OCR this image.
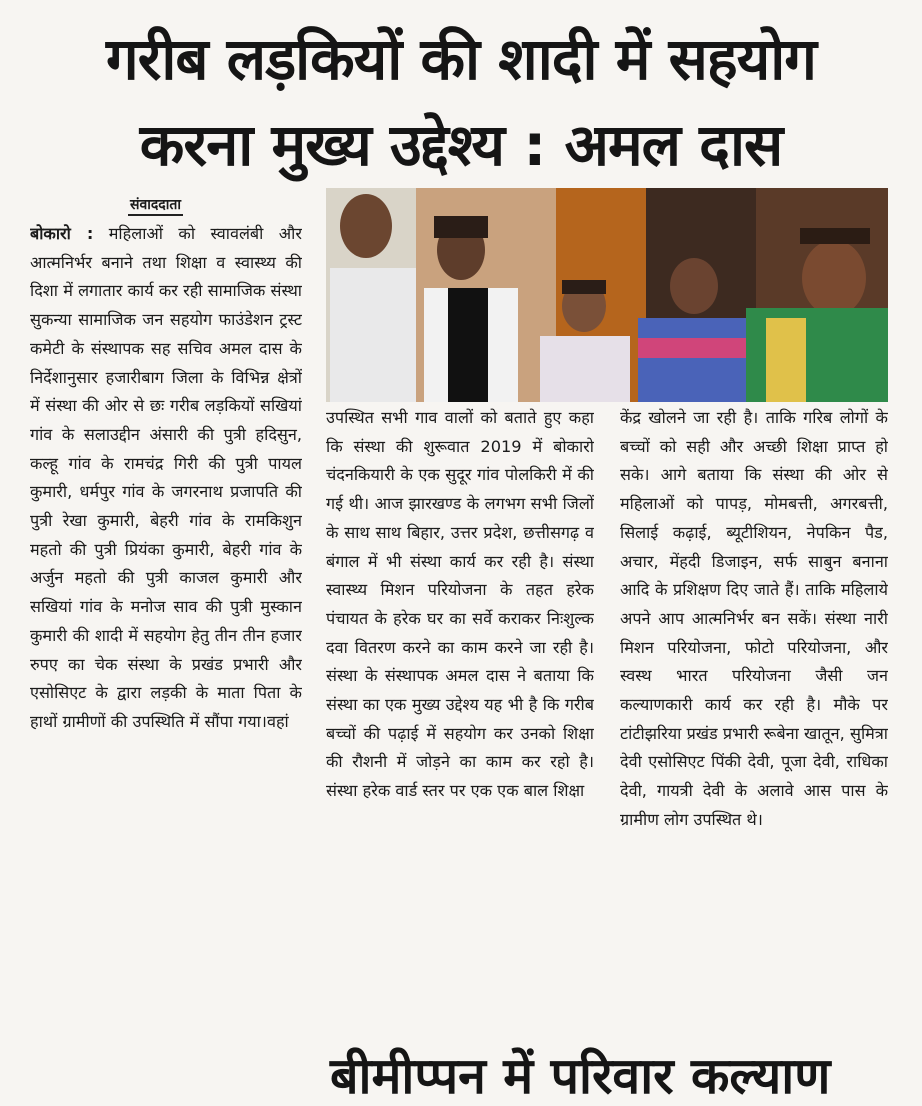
गरीब लड़कियों की शादी में सहयोग
करना मुख्य उद्देश्य : अमल दास
संवाददाता
बोकारो : महिलाओं को स्वावलंबी और आत्मनिर्भर बनाने तथा शिक्षा व स्वास्थ्य की दिशा में लगातार कार्य कर रही सामाजिक संस्था सुकन्या सामाजिक जन सहयोग फाउंडेशन ट्रस्ट कमेटी के संस्थापक सह सचिव अमल दास के निर्देशानुसार हजारीबाग जिला के विभिन्न क्षेत्रों में संस्था की ओर से छः गरीब लड़कियों सखियां गांव के सलाउद्दीन अंसारी की पुत्री हदिसुन, कल्हू गांव के रामचंद्र गिरी की पुत्री पायल कुमारी, धर्मपुर गांव के जगरनाथ प्रजापति की पुत्री रेखा कुमारी, बेहरी गांव के रामकिशुन महतो की पुत्री प्रियंका कुमारी, बेहरी गांव के अर्जुन महतो की पुत्री काजल कुमारी और सखियां गांव के मनोज साव की पुत्री मुस्कान कुमारी की शादी में सहयोग हेतु तीन तीन हजार रुपए का चेक संस्था के प्रखंड प्रभारी और एसोसिएट के द्वारा लड़की के माता पिता के हाथों ग्रामीणों की उपस्थिति में सौंपा गया।वहां
उपस्थित सभी गाव वालों को बताते हुए कहा कि संस्था की शुरूवात 2019 में बोकारो चंदनकियारी के एक सुदूर गांव पोलकिरी में की गई थी। आज झारखण्ड के लगभग सभी जिलों के साथ साथ बिहार, उत्तर प्रदेश, छत्तीसगढ़ व बंगाल में भी संस्था कार्य कर रही है। संस्था स्वास्थ्य मिशन परियोजना के तहत हरेक पंचायत के हरेक घर का सर्वे कराकर निःशुल्क दवा वितरण करने का काम करने जा रही है। संस्था के संस्थापक अमल दास ने बताया कि संस्था का एक मुख्य उद्देश्य यह भी है कि गरीब बच्चों की पढ़ाई में सहयोग कर उनको शिक्षा की रौशनी में जोड़ने का काम कर रहो है। संस्था हरेक वार्ड स्तर पर एक एक बाल शिक्षा
केंद्र खोलने जा रही है। ताकि गरिब लोगों के बच्चों को सही और अच्छी शिक्षा प्राप्त हो सके। आगे बताया कि संस्था की ओर से महिलाओं को पापड़, मोमबत्ती, अगरबत्ती, सिलाई कढ़ाई, ब्यूटीशियन, नेपकिन पैड, अचार, मेंहदी डिजाइन, सर्फ साबुन बनाना आदि के प्रशिक्षण दिए जाते हैं। ताकि महिलाये अपने आप आत्मनिर्भर बन सकें। संस्था नारी मिशन परियोजना, फोटो परियोजना, और स्वस्थ भारत परियोजना जैसी जन कल्याणकारी कार्य कर रही है। मौके पर टांटीझरिया प्रखंड प्रभारी रूबेना खातून, सुमित्रा देवी एसोसिएट पिंकी देवी, पूजा देवी, राधिका देवी, गायत्री देवी के अलावे आस पास के ग्रामीण लोग उपस्थित थे।
बीमीप्पन में परिवार कल्याण
